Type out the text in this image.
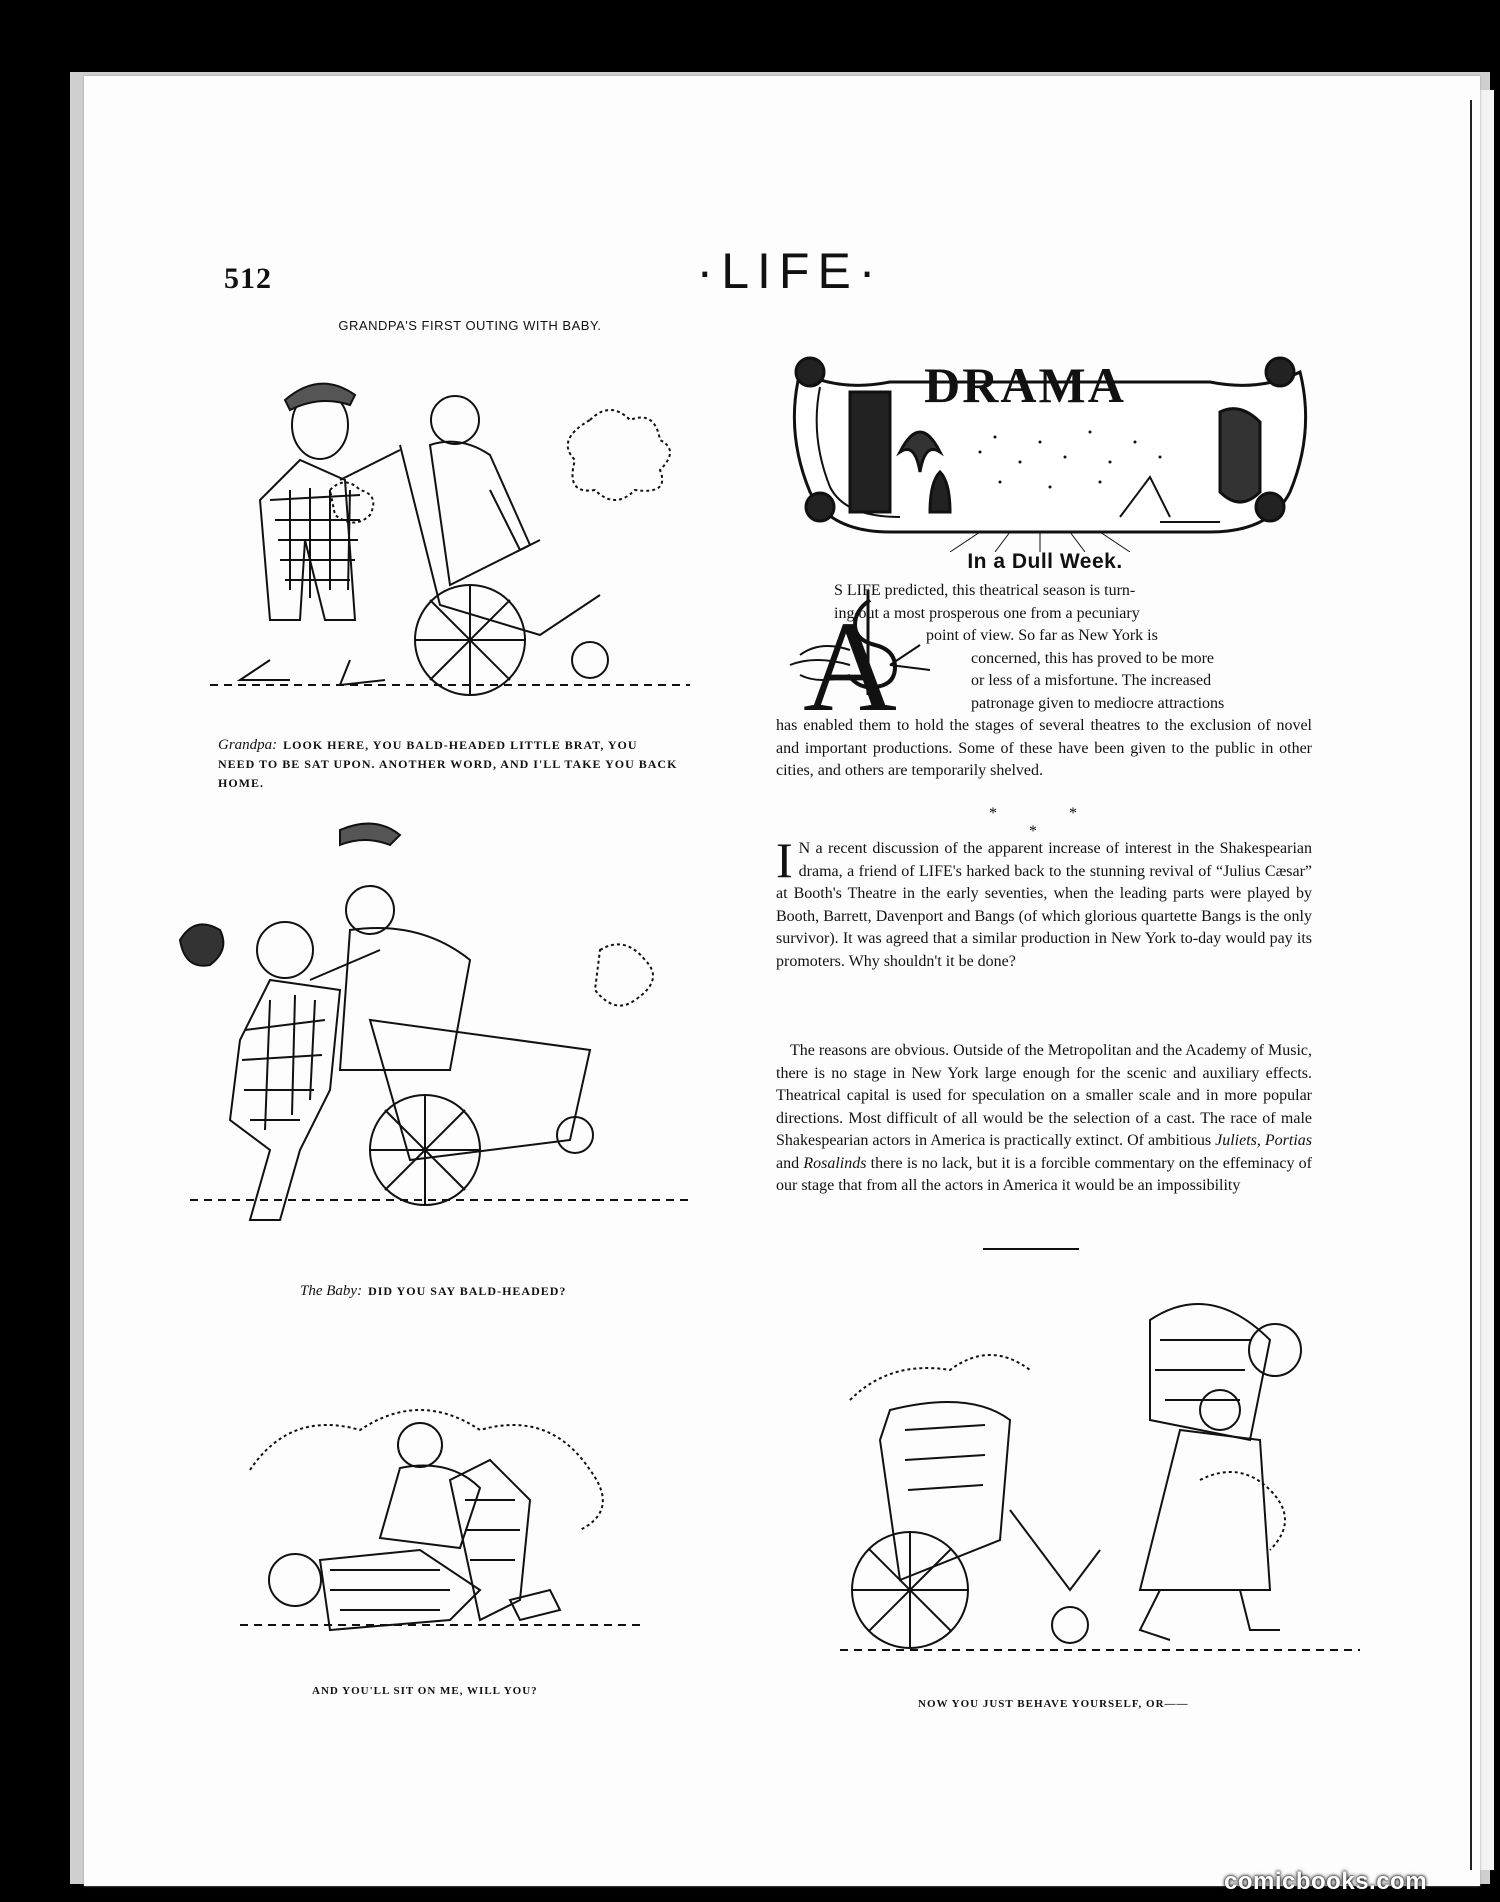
512	·LIFE·
GRANDPA'S FIRST OUTING WITH BABY.
Grandpa: LOOK HERE, YOU BALD-HEADED LITTLE BRAT, YOU NEED TO BE SAT UPON. ANOTHER WORD, AND I'LL TAKE YOU BACK HOME.
The Baby: DID YOU SAY BALD-HEADED?
AND YOU'LL SIT ON ME, WILL YOU?
NOW YOU JUST BEHAVE YOURSELF, OR——
DRAMA
In a Dull Week.
A
S LIFE predicted, this theatrical season is turn-
ing out a most prosperous one from a pecuniary
point of view. So far as New York is
concerned, this has proved to be more
or less of a misfortune. The increased
patronage given to mediocre attractions
has enabled them to hold the stages of several theatres to the exclusion of novel and important productions. Some of these have been given to the public in other cities, and others are temporarily shelved.
* * *

I N a recent discussion of the apparent increase of interest in the Shakespearian drama, a friend of LIFE's harked back to the stunning revival of “Julius Cæsar” at Booth's Theatre in the early seventies, when the leading parts were played by Booth, Barrett, Davenport and Bangs (of which glorious quartette Bangs is the only survivor). It was agreed that a similar production in New York to-day would pay its promoters. Why shouldn't it be done?

The reasons are obvious. Outside of the Metropolitan and the Academy of Music, there is no stage in New York large enough for the scenic and auxiliary effects. Theatrical capital is used for speculation on a smaller scale and in more popular directions. Most difficult of all would be the selection of a cast. The race of male Shakespearian actors in America is practically extinct. Of ambitious Juliets, Portias and Rosalinds there is no lack, but it is a forcible commentary on the effeminacy of our stage that from all the actors in America it would be an impossibility

comicbooks.com
